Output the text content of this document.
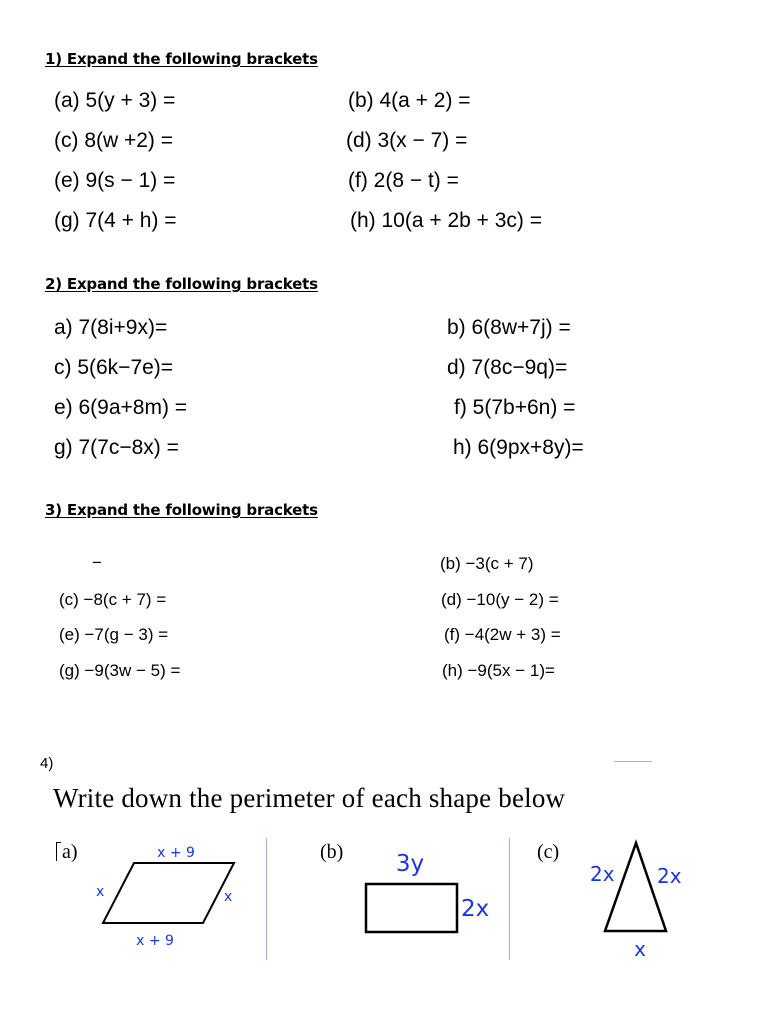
1) Expand the following brackets
(a) 5(y + 3) =	(b) 4(a + 2) =
(c) 8(w +2) =	(d) 3(x − 7) =
(e) 9(s − 1) =	(f) 2(8 − t) =
(g) 7(4 + h) =	(h) 10(a + 2b + 3c) =
2) Expand the following brackets
a) 7(8i+9x)=	b) 6(8w+7j) =
c) 5(6k−7e)=	d) 7(8c−9q)=
e) 6(9a+8m) =	f) 5(7b+6n) =
g) 7(7c−8x) =	h) 6(9px+8y)=
3) Expand the following brackets
−	(b) −3(c + 7)
(c) −8(c + 7) =	(d) −10(y − 2) =
(e) −7(g − 3) =	(f) −4(2w + 3) =
(g) −9(3w − 5) =	(h) −9(5x − 1)=
4)
Write down the perimeter of each shape below
a)	(b)	(c)
x + 9
x + 9
x	x
3y
2x
2x 2x
x
